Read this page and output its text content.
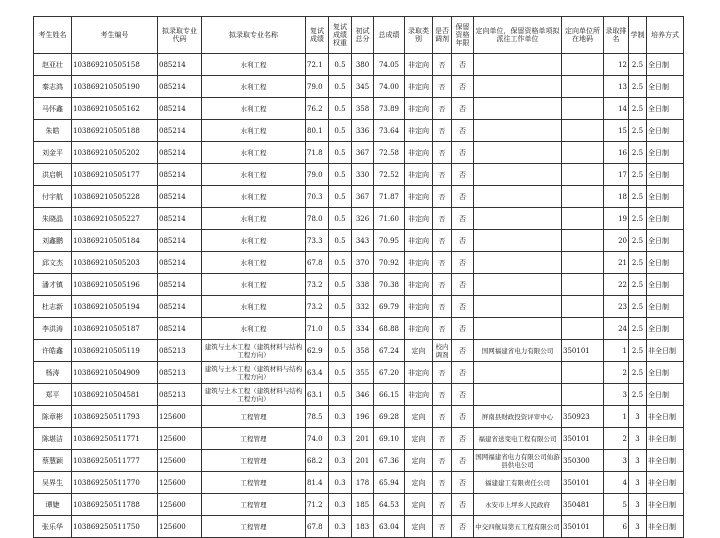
考生姓名	考生编号	拟录取专业代码	拟录取专业名称	复试成绩	复试成绩权重	初试总分	总成绩	录取类别	是否调剂	保留资格年限	定向单位，保留资格单项拟派往工作单位	定向单位所在地码	录取排名	学制	培养方式
赵亚壮	103869210505158	085214	水利工程	72.1	0.5	380	74.05	非定向	否	否			12	2.5	全日制
秦志鸿	103869210505190	085214	水利工程	79.0	0.5	345	74.00	非定向	否	否			13	2.5	全日制
马怀鑫	103869210505162	085214	水利工程	76.2	0.5	358	73.89	非定向	否	否			14	2.5	全日制
朱皓	103869210505188	085214	水利工程	80.1	0.5	336	73.64	非定向	否	否			15	2.5	全日制
刘金平	103869210505202	085214	水利工程	71.8	0.5	367	72.58	非定向	否	否			16	2.5	全日制
洪启帆	103869210505177	085214	水利工程	79.0	0.5	330	72.52	非定向	否	否			17	2.5	全日制
付宇航	103869210505228	085214	水利工程	70.3	0.5	367	71.87	非定向	否	否			18	2.5	全日制
朱晓晶	103869210505227	085214	水利工程	78.0	0.5	326	71.60	非定向	否	否			19	2.5	全日制
刘鑫鹏	103869210505184	085214	水利工程	73.3	0.5	343	70.95	非定向	否	否			20	2.5	全日制
邱文杰	103869210505203	085214	水利工程	67.8	0.5	370	70.92	非定向	否	否			21	2.5	全日制
潘才镇	103869210505196	085214	水利工程	73.2	0.5	338	70.38	非定向	否	否			22	2.5	全日制
杜志新	103869210505194	085214	水利工程	73.2	0.5	332	69.79	非定向	否	否			23	2.5	全日制
李洪涛	103869210505187	085214	水利工程	71.0	0.5	334	68.88	非定向	否	否			24	2.5	全日制
许皓鑫	103869210505119	085213	建筑与土木工程（建筑材料与结构工程方向）	62.9	0.5	358	67.24	定向	校内调剂	否	国网福建省电力有限公司	350101	1	2.5	非全日制
杨涛	103869210504909	085213	建筑与土木工程（建筑材料与结构工程方向）	63.4	0.5	355	67.20	非定向	否	否			2	2.5	全日制
郑平	103869210504581	085213	建筑与土木工程（建筑材料与结构工程方向）	63.1	0.5	346	66.15	非定向	否	否			3	2.5	全日制
陈章彬	103869250511793	125600	工程管理	78.5	0.3	196	69.28	定向	否	否	屏南县财政投资评审中心	350923	1	3	非全日制
陈堪洁	103869250511771	125600	工程管理	74.0	0.3	201	69.10	定向	否	否	福建省送变电工程有限公司	350101	2	3	非全日制
蔡慧颖	103869250511777	125600	工程管理	68.2	0.3	201	67.36	定向	否	否	国网福建省电力有限公司仙游县供电公司	350300	3	3	非全日制
吴界生	103869250511770	125600	工程管理	81.4	0.3	178	65.94	定向	否	否	福建建工有限责任公司	350101	4	3	非全日制
谭婕	103869250511788	125600	工程管理	71.2	0.3	185	64.53	定向	否	否	永安市上坪乡人民政府	350481	5	3	非全日制
张乐华	103869250511750	125600	工程管理	67.8	0.3	183	63.04	定向	否	否	中交四航局第五工程有限公司	350101	6	3	非全日制
